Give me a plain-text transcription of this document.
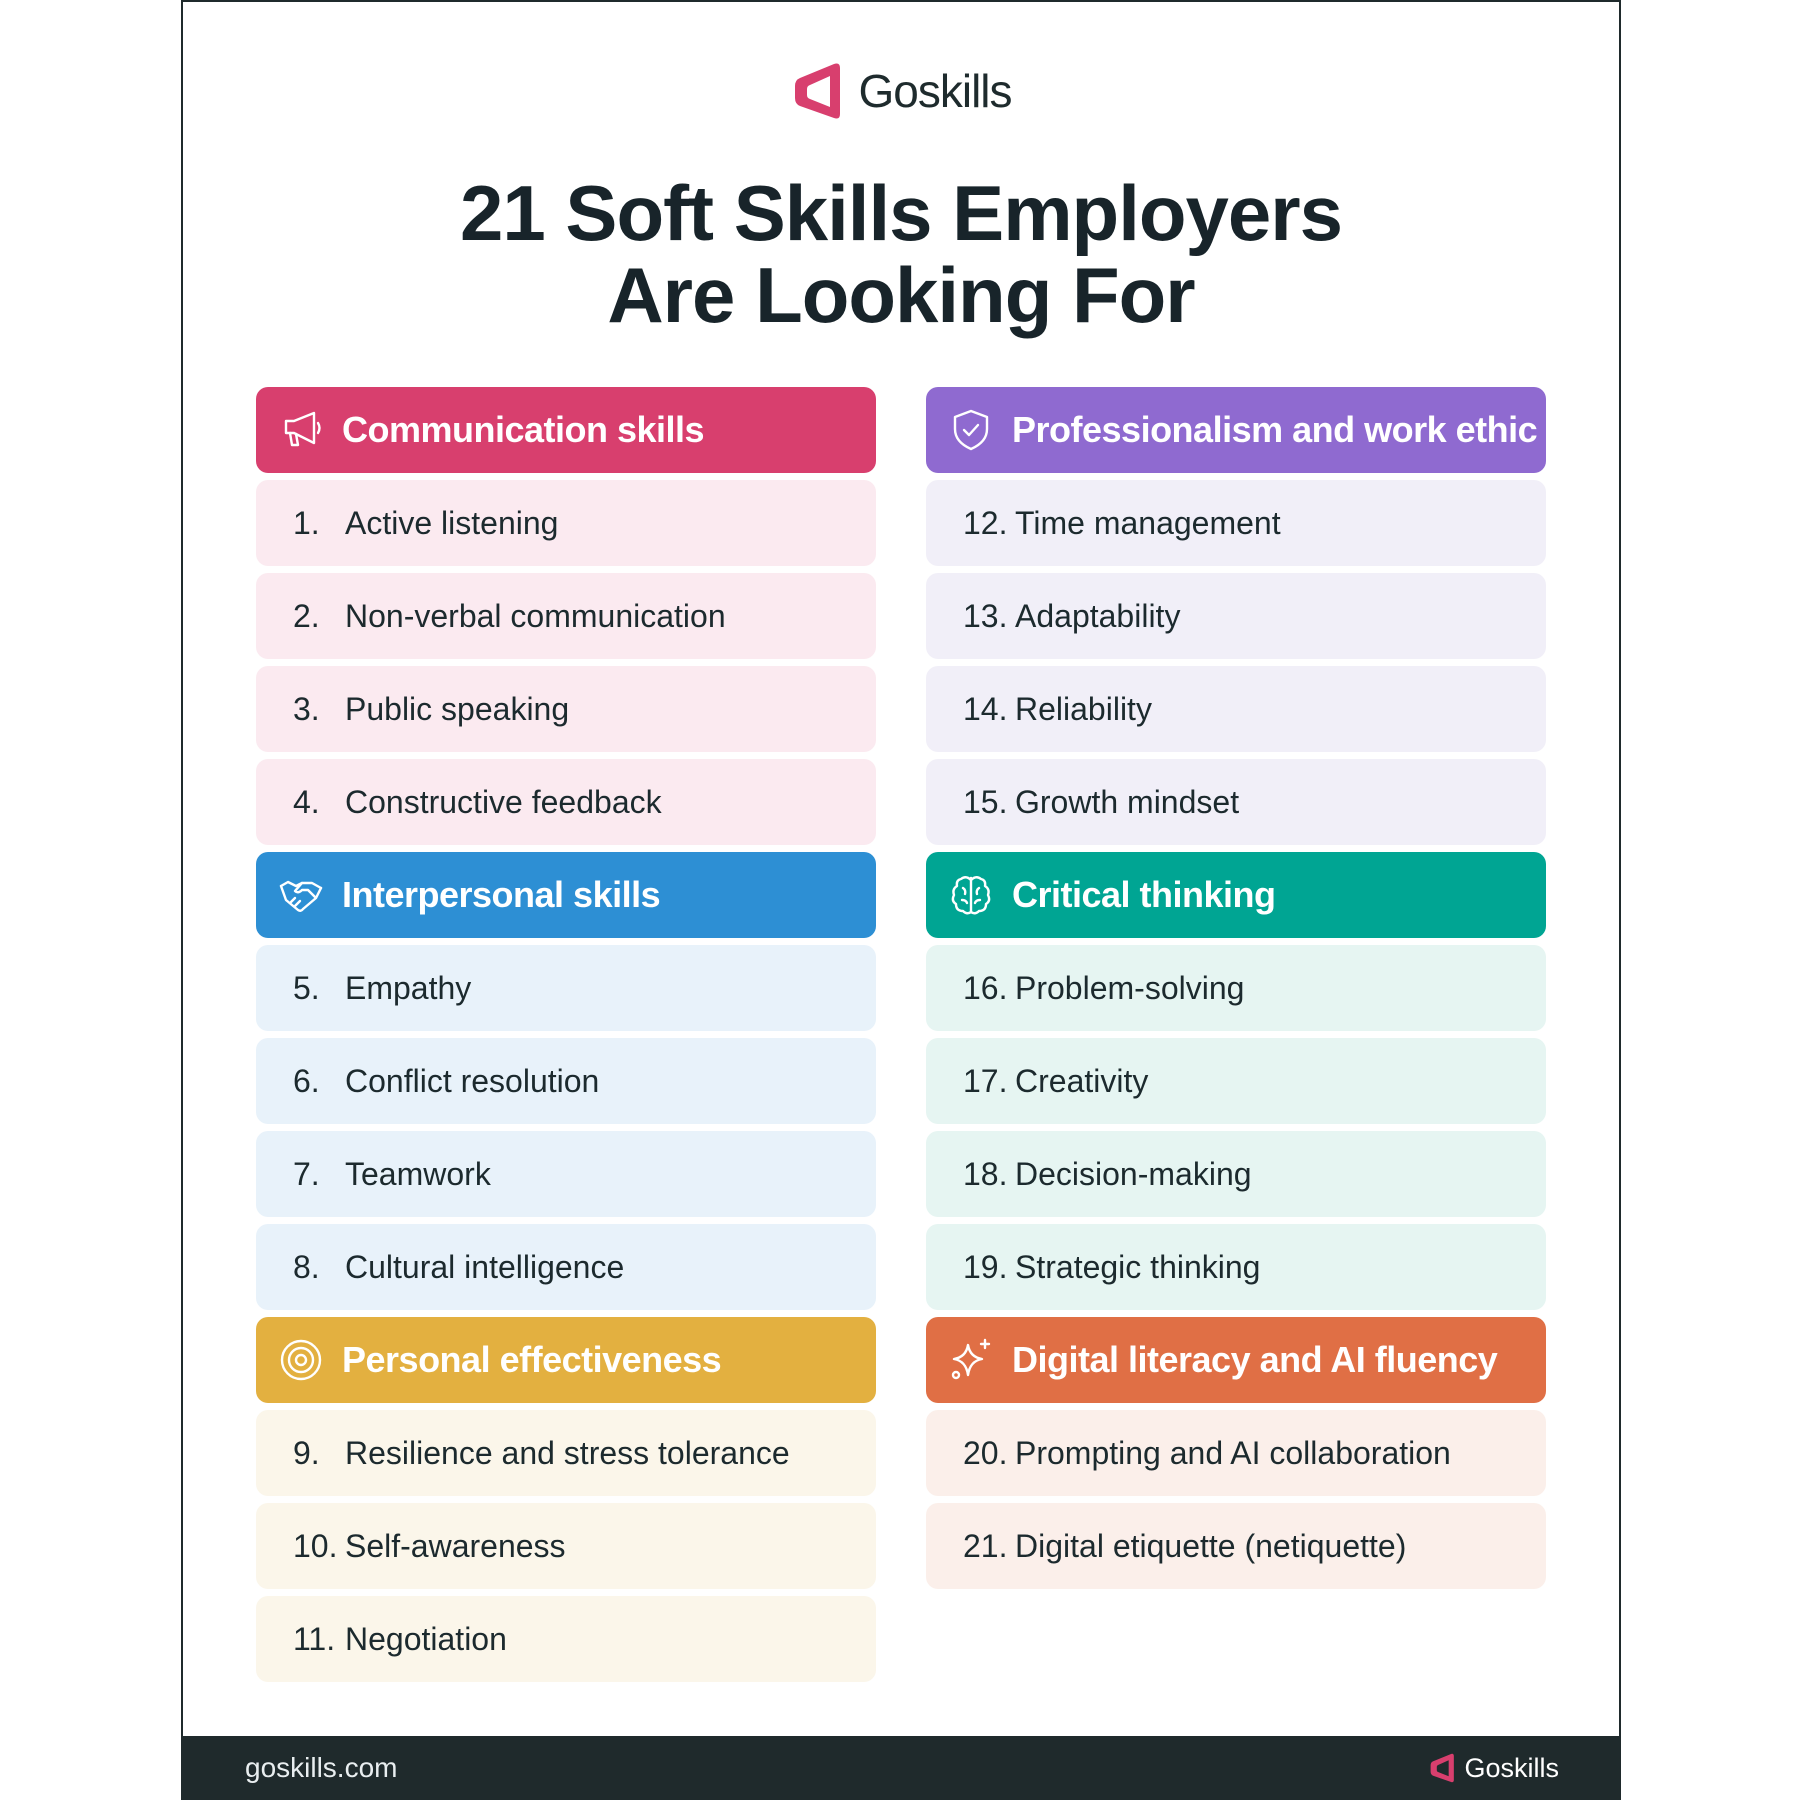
Goskills
21 Soft Skills Employers
Are Looking For
Communication skills
1. Active listening
2. Non-verbal communication
3. Public speaking
4. Constructive feedback
Interpersonal skills
5. Empathy
6. Conflict resolution
7. Teamwork
8. Cultural intelligence
Personal effectiveness
9. Resilience and stress tolerance
10. Self-awareness
11. Negotiation
Professionalism and work ethic
12. Time management
13. Adaptability
14. Reliability
15. Growth mindset
Critical thinking
16. Problem-solving
17. Creativity
18. Decision-making
19. Strategic thinking
Digital literacy and AI fluency
20. Prompting and AI collaboration
21. Digital etiquette (netiquette)
goskills.com	Goskills
